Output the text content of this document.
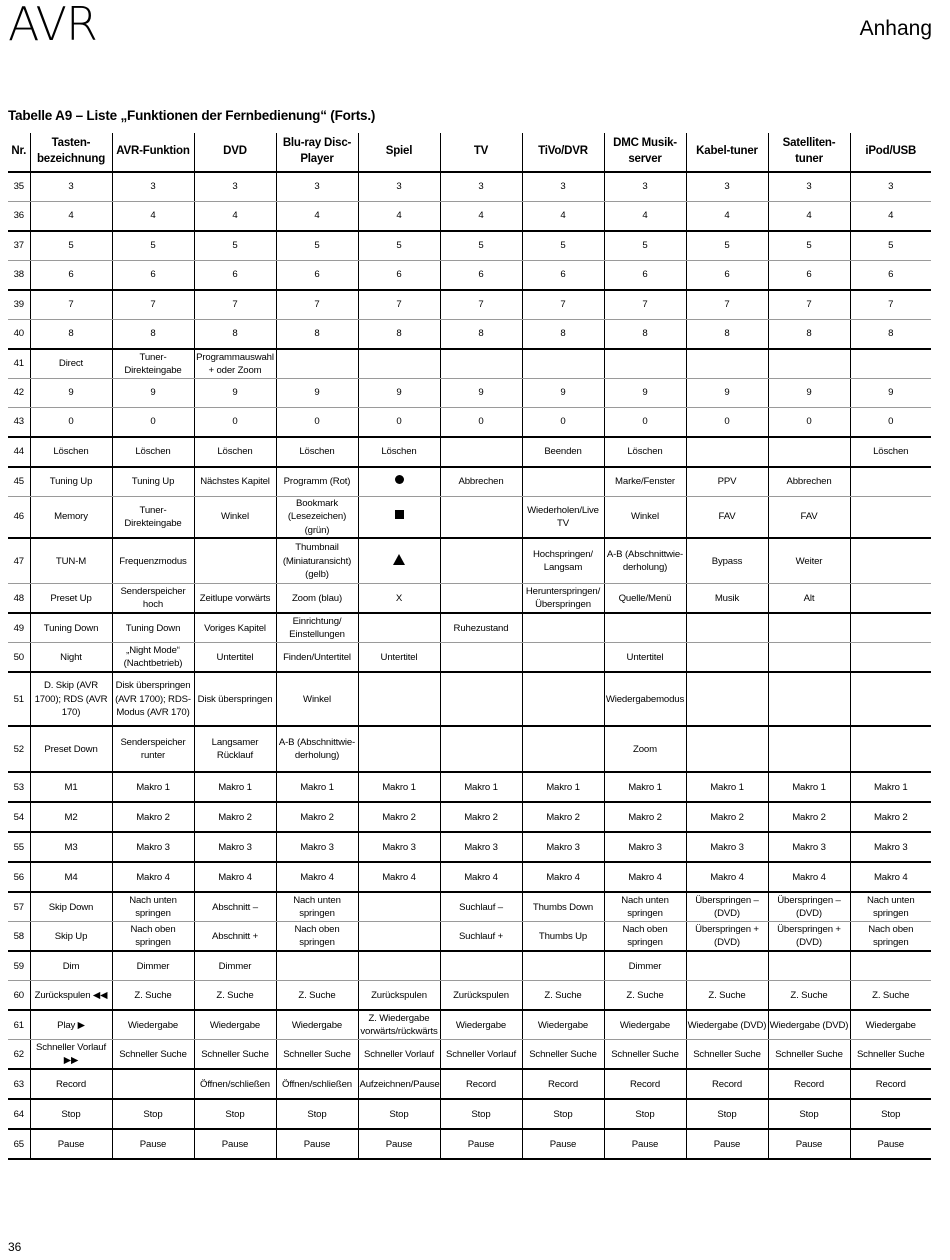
AVR	Anhang
Tabelle A9 – Liste „Funktionen der Fernbedienung“ (Forts.)
Nr.	Tasten-bezeichnung	AVR-Funktion	DVD	Blu-ray Disc-Player	Spiel	TV	TiVo/DVR	DMC Musik-server	Kabel-tuner	Satelliten-tuner	iPod/USB
35	3	3	3	3	3	3	3	3	3	3	3
36	4	4	4	4	4	4	4	4	4	4	4
37	5	5	5	5	5	5	5	5	5	5	5
38	6	6	6	6	6	6	6	6	6	6	6
39	7	7	7	7	7	7	7	7	7	7	7
40	8	8	8	8	8	8	8	8	8	8	8
41	Direct	Tuner-Direkteingabe	Programmauswahl + oder Zoom								
42	9	9	9	9	9	9	9	9	9	9	9
43	0	0	0	0	0	0	0	0	0	0	0
44	Löschen	Löschen	Löschen	Löschen	Löschen		Beenden	Löschen			Löschen
45	Tuning Up	Tuning Up	Nächstes Kapitel	Programm (Rot)		Abbrechen		Marke/Fenster	PPV	Abbrechen	
46	Memory	Tuner-Direkteingabe	Winkel	Bookmark (Lesezeichen) (grün)			Wiederholen/Live TV	Winkel	FAV	FAV	
47	TUN-M	Frequenzmodus		Thumbnail (Miniaturansicht) (gelb)			Hochspringen/ Langsam	A-B (Abschnittwie-derholung)	Bypass	Weiter	
48	Preset Up	Senderspeicher hoch	Zeitlupe vorwärts	Zoom (blau)	X		Herunterspringen/ Überspringen	Quelle/Menü	Musik	Alt	
49	Tuning Down	Tuning Down	Voriges Kapitel	Einrichtung/ Einstellungen		Ruhezustand					
50	Night	„Night Mode“ (Nachtbetrieb)	Untertitel	Finden/Untertitel	Untertitel			Untertitel			
51	D. Skip (AVR 1700); RDS (AVR 170)	Disk überspringen (AVR 1700); RDS-Modus (AVR 170)	Disk überspringen	Winkel				Wiedergabemodus			
52	Preset Down	Senderspeicher runter	Langsamer Rücklauf	A-B (Abschnittwie-derholung)				Zoom			
53	M1	Makro 1	Makro 1	Makro 1	Makro 1	Makro 1	Makro 1	Makro 1	Makro 1	Makro 1	Makro 1
54	M2	Makro 2	Makro 2	Makro 2	Makro 2	Makro 2	Makro 2	Makro 2	Makro 2	Makro 2	Makro 2
55	M3	Makro 3	Makro 3	Makro 3	Makro 3	Makro 3	Makro 3	Makro 3	Makro 3	Makro 3	Makro 3
56	M4	Makro 4	Makro 4	Makro 4	Makro 4	Makro 4	Makro 4	Makro 4	Makro 4	Makro 4	Makro 4
57	Skip Down	Nach unten springen	Abschnitt –	Nach unten springen		Suchlauf –	Thumbs Down	Nach unten springen	Überspringen – (DVD)	Überspringen – (DVD)	Nach unten springen
58	Skip Up	Nach oben springen	Abschnitt +	Nach oben springen		Suchlauf +	Thumbs Up	Nach oben springen	Überspringen + (DVD)	Überspringen + (DVD)	Nach oben springen
59	Dim	Dimmer	Dimmer					Dimmer			
60	Zurückspulen ◀◀	Z. Suche	Z. Suche	Z. Suche	Zurückspulen	Zurückspulen	Z. Suche	Z. Suche	Z. Suche	Z. Suche	Z. Suche
61	Play ▶	Wiedergabe	Wiedergabe	Wiedergabe	Z. Wiedergabe vorwärts/rückwärts	Wiedergabe	Wiedergabe	Wiedergabe	Wiedergabe (DVD)	Wiedergabe (DVD)	Wiedergabe
62	Schneller Vorlauf ▶▶	Schneller Suche	Schneller Suche	Schneller Suche	Schneller Vorlauf	Schneller Vorlauf	Schneller Suche	Schneller Suche	Schneller Suche	Schneller Suche	Schneller Suche
63	Record		Öffnen/schließen	Öffnen/schließen	Aufzeichnen/Pause	Record	Record	Record	Record	Record	Record
64	Stop	Stop	Stop	Stop	Stop	Stop	Stop	Stop	Stop	Stop	Stop
65	Pause	Pause	Pause	Pause	Pause	Pause	Pause	Pause	Pause	Pause	Pause
36
